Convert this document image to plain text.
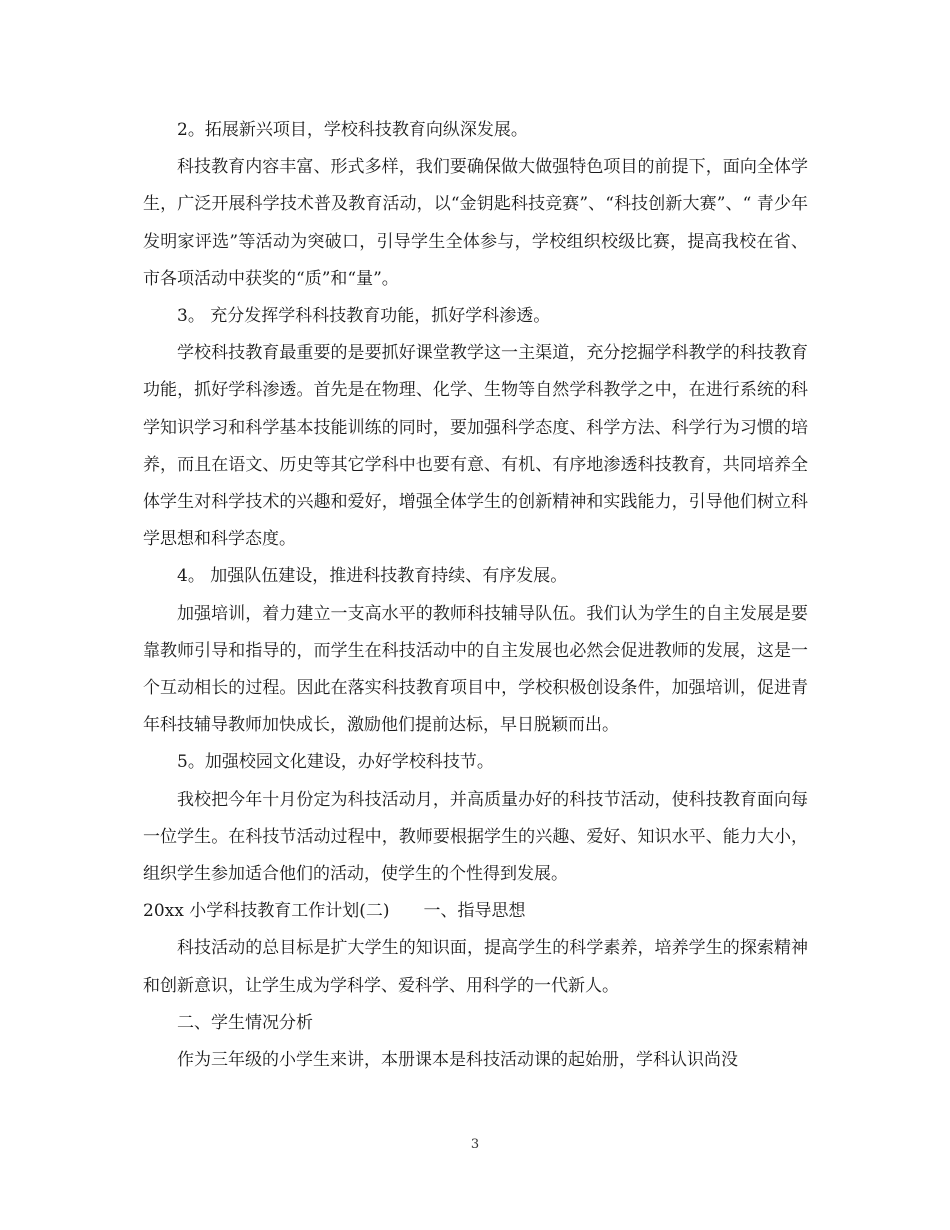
2。拓展新兴项目，学校科技教育向纵深发展。

科技教育内容丰富、形式多样，我们要确保做大做强特色项目的前提下，面向全体学生，广泛开展科学技术普及教育活动，以“金钥匙科技竞赛”、“科技创新大赛”、“ 青少年发明家评选”等活动为突破口，引导学生全体参与，学校组织校级比赛，提高我校在省、市各项活动中获奖的“质”和“量”。

3。 充分发挥学科科技教育功能，抓好学科渗透。

学校科技教育最重要的是要抓好课堂教学这一主渠道，充分挖掘学科教学的科技教育功能，抓好学科渗透。首先是在物理、化学、生物等自然学科教学之中，在进行系统的科学知识学习和科学基本技能训练的同时，要加强科学态度、科学方法、科学行为习惯的培养，而且在语文、历史等其它学科中也要有意、有机、有序地渗透科技教育，共同培养全体学生对科学技术的兴趣和爱好，增强全体学生的创新精神和实践能力，引导他们树立科学思想和科学态度。

4。 加强队伍建设，推进科技教育持续、有序发展。

加强培训，着力建立一支高水平的教师科技辅导队伍。我们认为学生的自主发展是要靠教师引导和指导的，而学生在科技活动中的自主发展也必然会促进教师的发展，这是一个互动相长的过程。因此在落实科技教育项目中，学校积极创设条件，加强培训，促进青年科技辅导教师加快成长，激励他们提前达标，早日脱颖而出。

5。加强校园文化建设，办好学校科技节。

我校把今年十月份定为科技活动月，并高质量办好的科技节活动，使科技教育面向每一位学生。在科技节活动过程中，教师要根据学生的兴趣、爱好、知识水平、能力大小，组织学生参加适合他们的活动，使学生的个性得到发展。

20xx 小学科技教育工作计划(二)　　一、指导思想

科技活动的总目标是扩大学生的知识面，提高学生的科学素养，培养学生的探索精神和创新意识，让学生成为学科学、爱科学、用科学的一代新人。

二、学生情况分析

作为三年级的小学生来讲，本册课本是科技活动课的起始册，学科认识尚没

3
